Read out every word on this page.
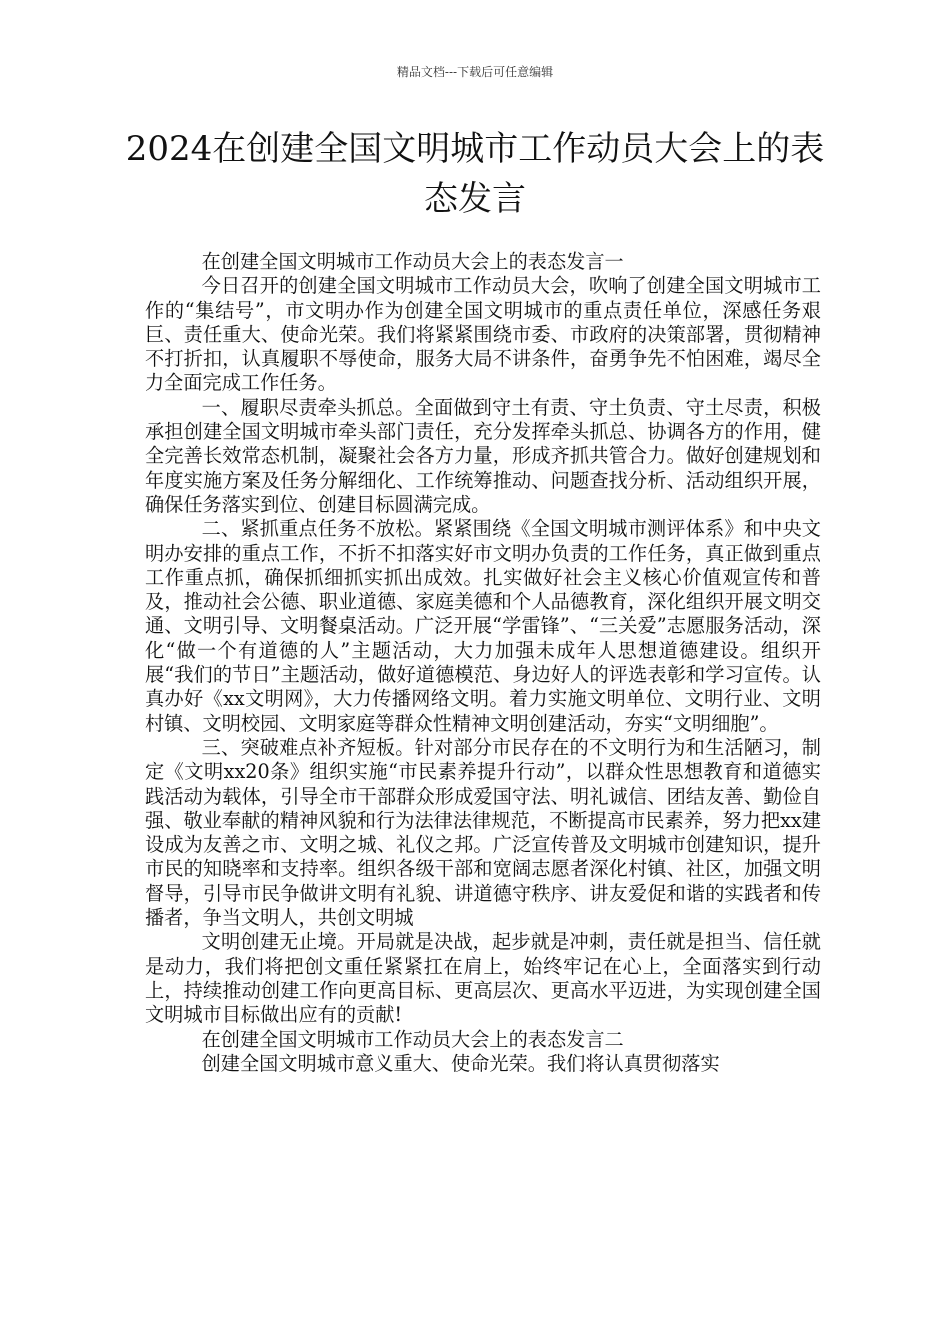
精品文档---下载后可任意编辑
2024在创建全国文明城市工作动员大会上的表态发言

在创建全国文明城市工作动员大会上的表态发言一

今日召开的创建全国文明城市工作动员大会，吹响了创建全国文明城市工作的“集结号”，市文明办作为创建全国文明城市的重点责任单位，深感任务艰巨、责任重大、使命光荣。我们将紧紧围绕市委、市政府的决策部署，贯彻精神不打折扣，认真履职不辱使命，服务大局不讲条件，奋勇争先不怕困难，竭尽全力全面完成工作任务。

一、履职尽责牵头抓总。全面做到守土有责、守土负责、守土尽责，积极承担创建全国文明城市牵头部门责任，充分发挥牵头抓总、协调各方的作用，健全完善长效常态机制，凝聚社会各方力量，形成齐抓共管合力。做好创建规划和年度实施方案及任务分解细化、工作统筹推动、问题查找分析、活动组织开展，确保任务落实到位、创建目标圆满完成。

二、紧抓重点任务不放松。紧紧围绕《全国文明城市测评体系》和中央文明办安排的重点工作，不折不扣落实好市文明办负责的工作任务，真正做到重点工作重点抓，确保抓细抓实抓出成效。扎实做好社会主义核心价值观宣传和普及，推动社会公德、职业道德、家庭美德和个人品德教育，深化组织开展文明交通、文明引导、文明餐桌活动。广泛开展“学雷锋”、“三关爱”志愿服务活动，深化“做一个有道德的人”主题活动，大力加强未成年人思想道德建设。组织开展“我们的节日”主题活动，做好道德模范、身边好人的评选表彰和学习宣传。认真办好《xx文明网》，大力传播网络文明。着力实施文明单位、文明行业、文明村镇、文明校园、文明家庭等群众性精神文明创建活动，夯实“文明细胞”。

三、突破难点补齐短板。针对部分市民存在的不文明行为和生活陋习，制定《文明xx20条》组织实施“市民素养提升行动”，以群众性思想教育和道德实践活动为载体，引导全市干部群众形成爱国守法、明礼诚信、团结友善、勤俭自强、敬业奉献的精神风貌和行为法律法律规范，不断提高市民素养，努力把xx建设成为友善之市、文明之城、礼仪之邦。广泛宣传普及文明城市创建知识，提升市民的知晓率和支持率。组织各级干部和宽阔志愿者深化村镇、社区，加强文明督导，引导市民争做讲文明有礼貌、讲道德守秩序、讲友爱促和谐的实践者和传播者，争当文明人，共创文明城

文明创建无止境。开局就是决战，起步就是冲刺，责任就是担当、信任就是动力，我们将把创文重任紧紧扛在肩上，始终牢记在心上，全面落实到行动上，持续推动创建工作向更高目标、更高层次、更高水平迈进，为实现创建全国文明城市目标做出应有的贡献!

在创建全国文明城市工作动员大会上的表态发言二

创建全国文明城市意义重大、使命光荣。我们将认真贯彻落实
